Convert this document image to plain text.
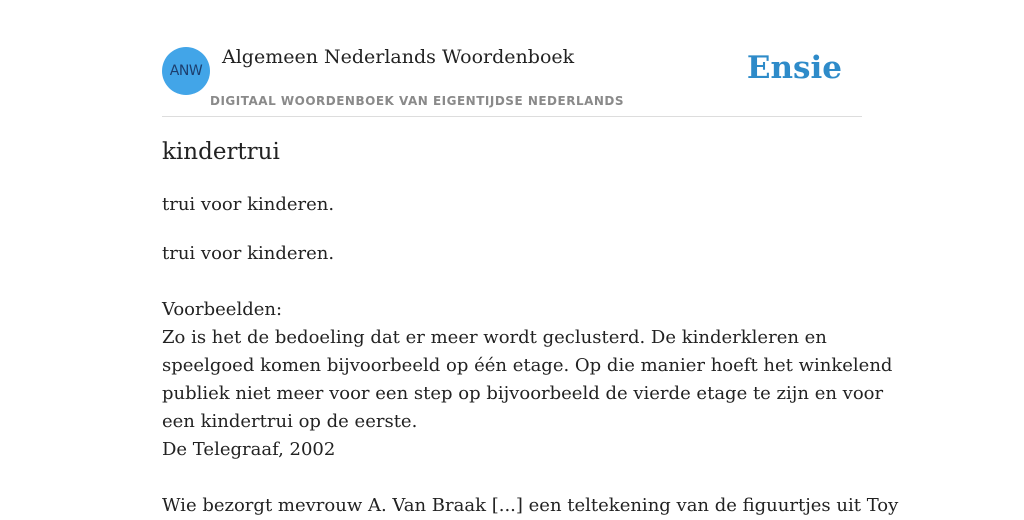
ANW
Algemeen Nederlands Woordenboek
DIGITAAL WOORDENBOEK VAN EIGENTIJDSE NEDERLANDS
Ensie
kindertrui
trui voor kinderen.

trui voor kinderen.

Voorbeelden:

Zo is het de bedoeling dat er meer wordt geclusterd. De kinderkleren en

speelgoed komen bijvoorbeeld op één etage. Op die manier hoeft het winkelend

publiek niet meer voor een step op bijvoorbeeld de vierde etage te zijn en voor

een kindertrui op de eerste.

De Telegraaf, 2002

Wie bezorgt mevrouw A. Van Braak [...] een teltekening van de figuurtjes uit Toy
